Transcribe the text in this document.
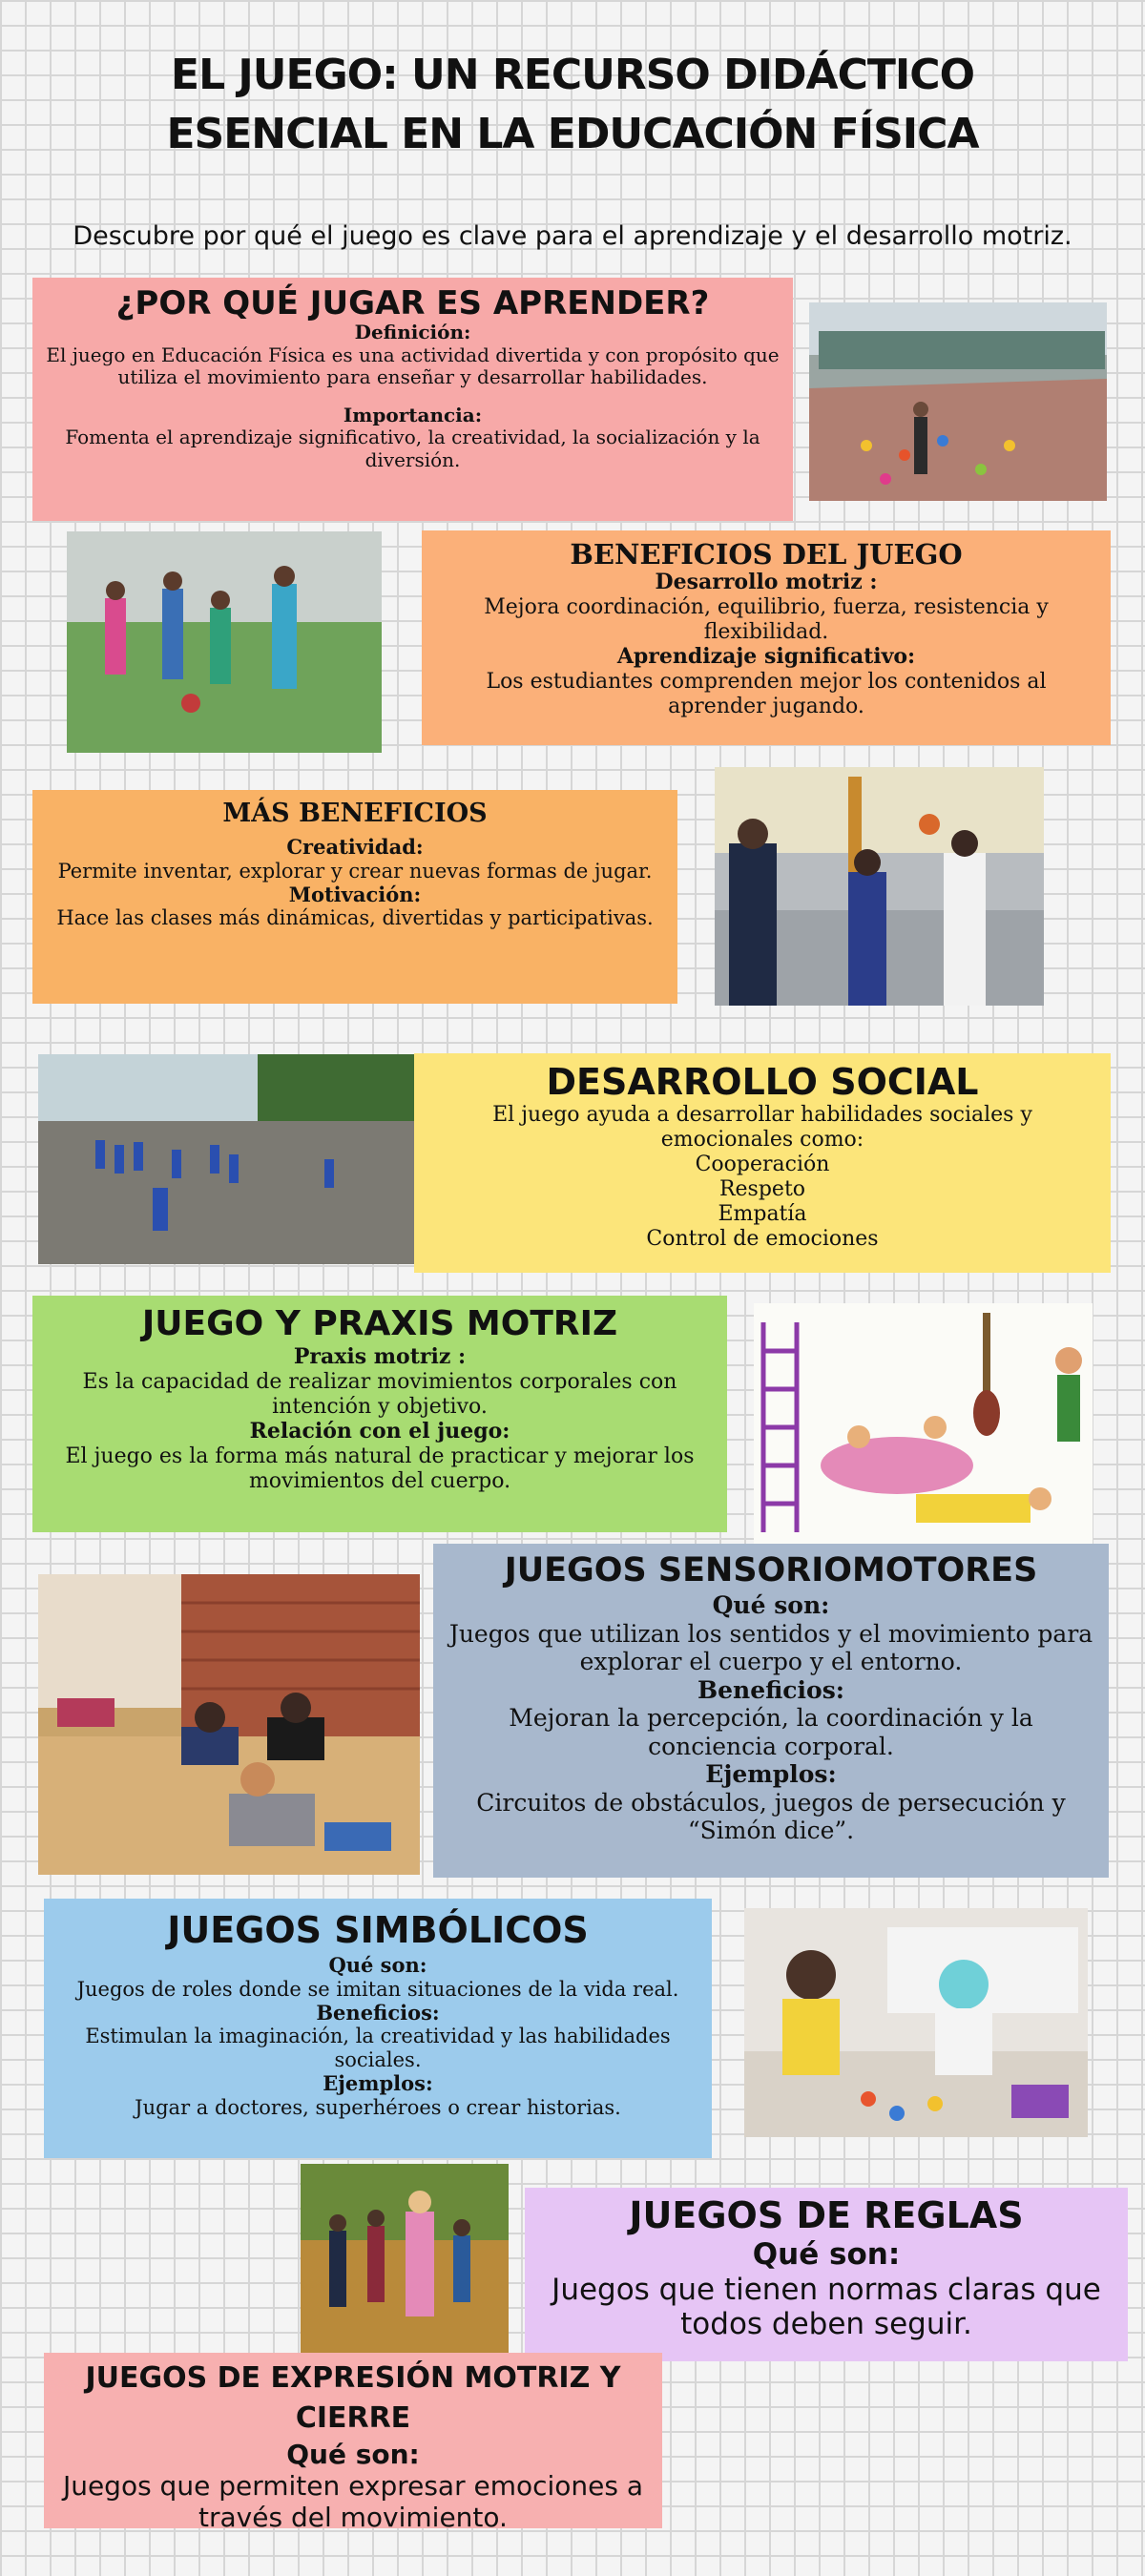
EL JUEGO: UN RECURSO DIDÁCTICO ESENCIAL EN LA EDUCACIÓN FÍSICA
Descubre por qué el juego es clave para el aprendizaje y el desarrollo motriz.
¿POR QUÉ JUGAR ES APRENDER?
Definición:

El juego en Educación Física es una actividad divertida y con propósito que utiliza el movimiento para enseñar y desarrollar habilidades.

Importancia:

Fomenta el aprendizaje significativo, la creatividad, la socialización y la diversión.

BENEFICIOS DEL JUEGO
Desarrollo motriz :

Mejora coordinación, equilibrio, fuerza, resistencia y flexibilidad.

Aprendizaje significativo:

Los estudiantes comprenden mejor los contenidos al aprender jugando.

MÁS BENEFICIOS
Creatividad:

Permite inventar, explorar y crear nuevas formas de jugar.

Motivación:

Hace las clases más dinámicas, divertidas y participativas.

DESARROLLO SOCIAL

El juego ayuda a desarrollar habilidades sociales y emocionales como:

Cooperación

Respeto

Empatía

Control de emociones

JUEGO Y PRAXIS MOTRIZ
Praxis motriz :

Es la capacidad de realizar movimientos corporales con intención y objetivo.

Relación con el juego:

El juego es la forma más natural de practicar y mejorar los movimientos del cuerpo.

JUEGOS SENSORIOMOTORES
Qué son:

Juegos que utilizan los sentidos y el movimiento para explorar el cuerpo y el entorno.

Beneficios:

Mejoran la percepción, la coordinación y la conciencia corporal.

Ejemplos:

Circuitos de obstáculos, juegos de persecución y “Simón dice”.

JUEGOS SIMBÓLICOS
Qué son:

Juegos de roles donde se imitan situaciones de la vida real.

Beneficios:

Estimulan la imaginación, la creatividad y las habilidades sociales.

Ejemplos:

Jugar a doctores, superhéroes o crear historias.

JUEGOS DE REGLAS
Qué son:

Juegos que tienen normas claras que todos deben seguir.

JUEGOS DE EXPRESIÓN MOTRIZ Y CIERRE
Qué son:

Juegos que permiten expresar emociones a través del movimiento.
